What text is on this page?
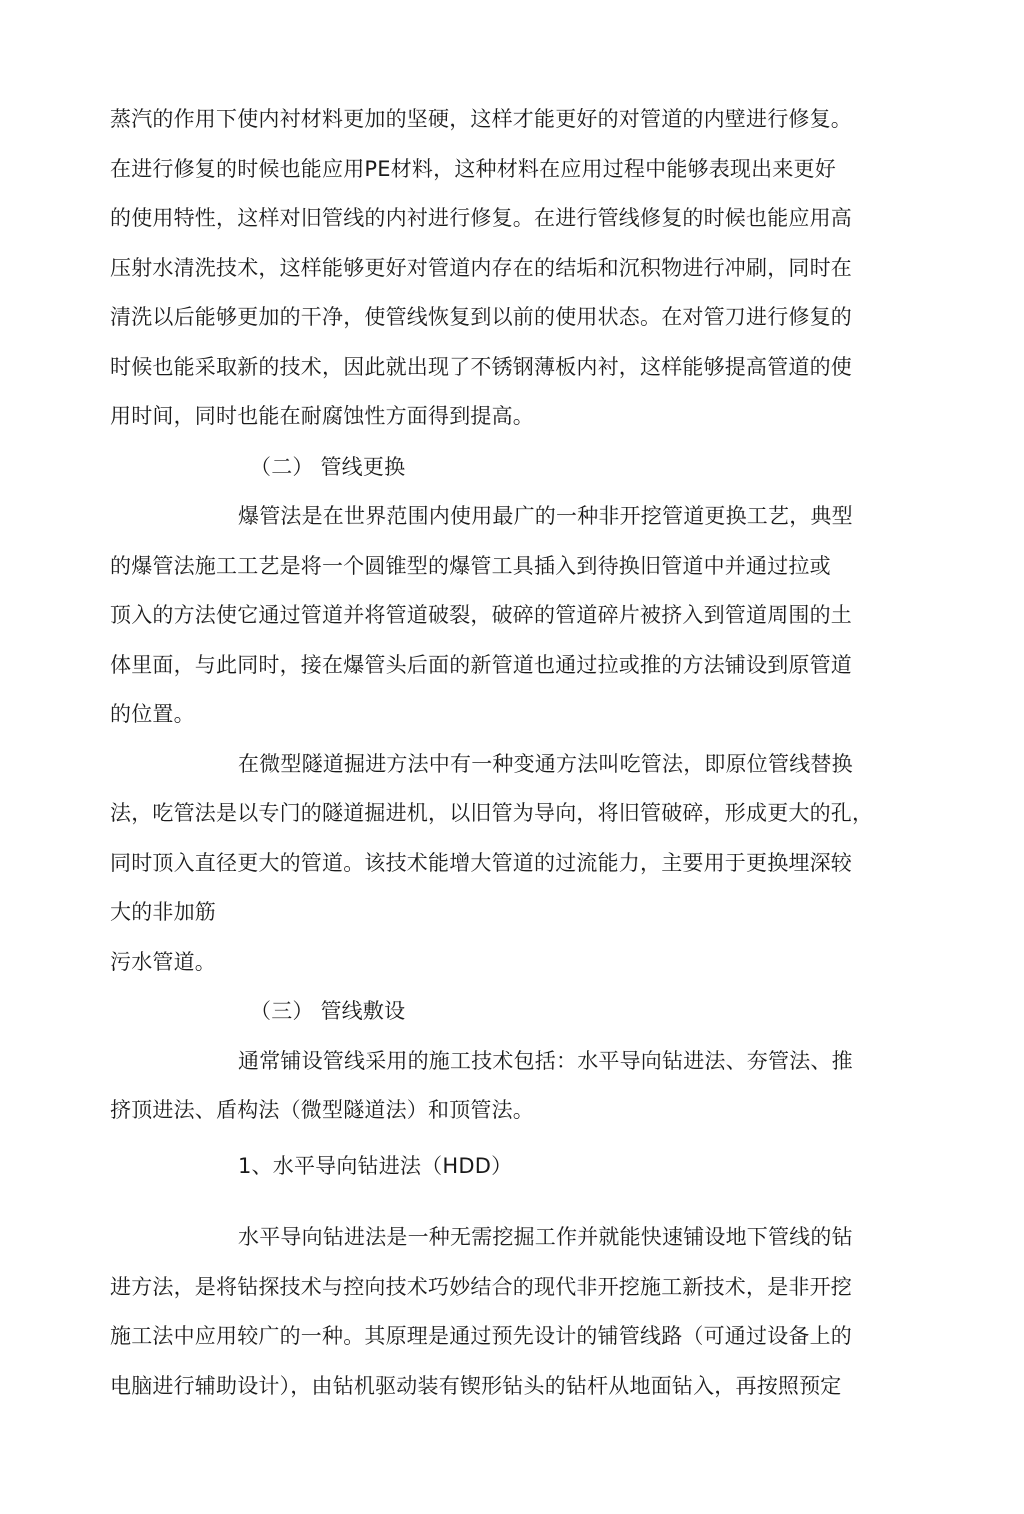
蒸汽的作用下使内衬材料更加的坚硬，这样才能更好的对管道的内壁进行修复。
在进行修复的时候也能应用PE材料，这种材料在应用过程中能够表现出来更好
的使用特性，这样对旧管线的内衬进行修复。在进行管线修复的时候也能应用高
压射水清洗技术，这样能够更好对管道内存在的结垢和沉积物进行冲刷，同时在
清洗以后能够更加的干净，使管线恢复到以前的使用状态。在对管刀进行修复的
时候也能采取新的技术，因此就出现了不锈钢薄板内衬，这样能够提高管道的使
用时间，同时也能在耐腐蚀性方面得到提高。
（二） 管线更换
爆管法是在世界范围内使用最广的一种非开挖管道更换工艺，典型
的爆管法施工工艺是将一个圆锥型的爆管工具插入到待换旧管道中并通过拉或
顶入的方法使它通过管道并将管道破裂，破碎的管道碎片被挤入到管道周围的土
体里面，与此同时，接在爆管头后面的新管道也通过拉或推的方法铺设到原管道
的位置。
在微型隧道掘进方法中有一种变通方法叫吃管法，即原位管线替换
法，吃管法是以专门的隧道掘进机，以旧管为导向，将旧管破碎，形成更大的孔，
同时顶入直径更大的管道。该技术能增大管道的过流能力，主要用于更换埋深较
大的非加筋
污水管道。
（三） 管线敷设
通常铺设管线采用的施工技术包括：水平导向钻进法、夯管法、推
挤顶进法、盾构法（微型隧道法）和顶管法。
1、水平导向钻进法（HDD）
水平导向钻进法是一种无需挖掘工作并就能快速铺设地下管线的钻
进方法，是将钻探技术与控向技术巧妙结合的现代非开挖施工新技术，是非开挖
施工法中应用较广的一种。其原理是通过预先设计的铺管线路（可通过设备上的
电脑进行辅助设计），由钻机驱动装有锲形钻头的钻杆从地面钻入，再按照预定
